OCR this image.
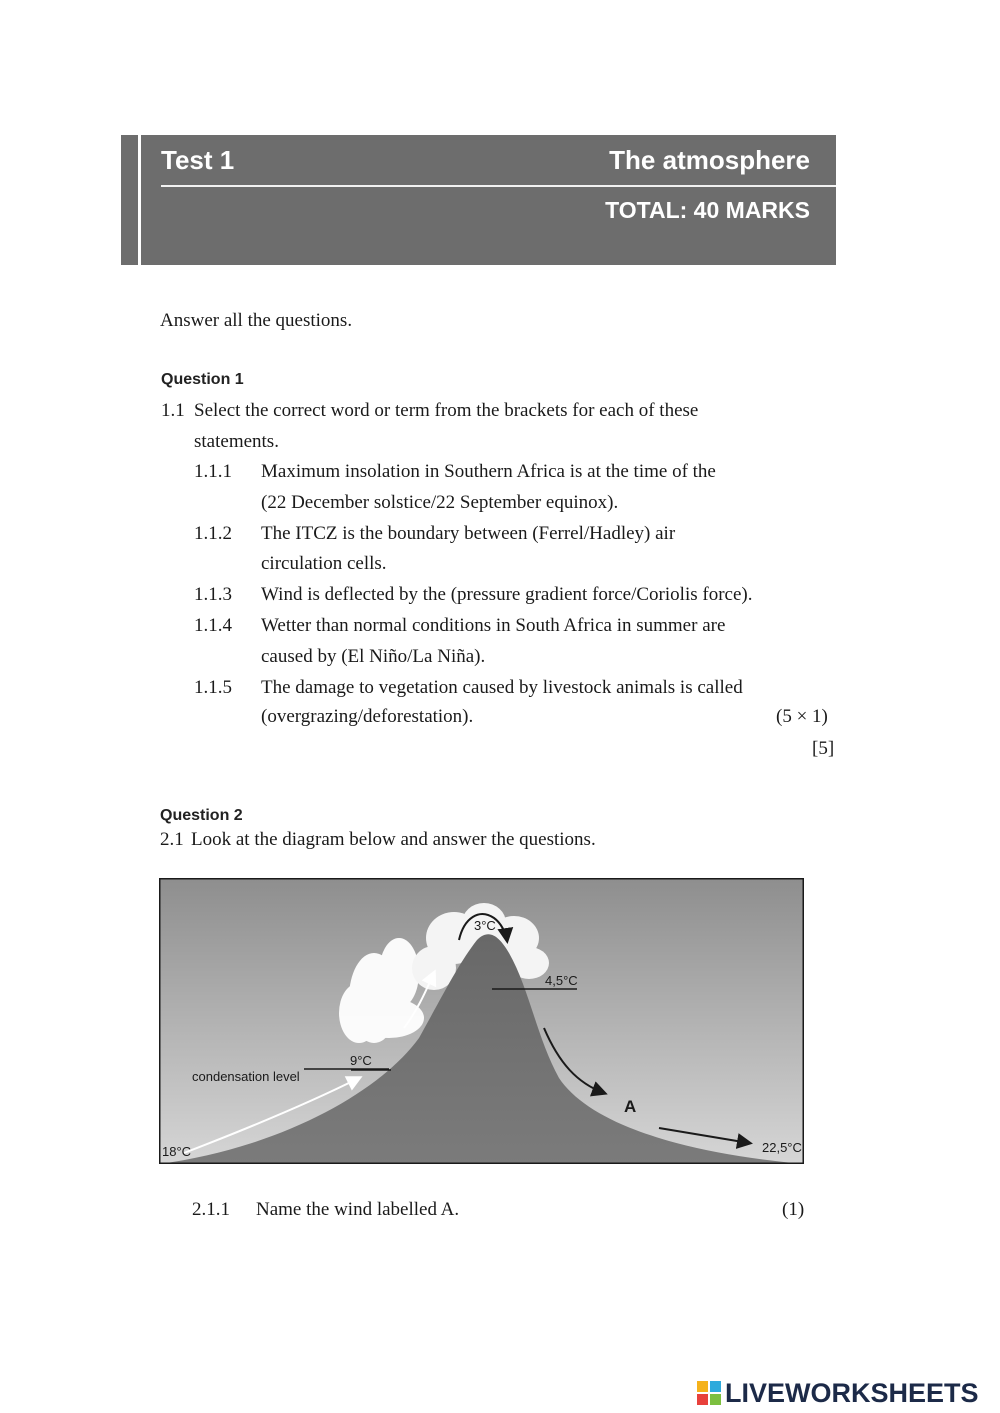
Test 1	The atmosphere
TOTAL: 40 MARKS
Answer all the questions.
Question 1
1.1 Select the correct word or term from the brackets for each of these
statements.
1.1.1 Maximum insolation in Southern Africa is at the time of the
(22 December solstice/22 September equinox).
1.1.2 The ITCZ is the boundary between (Ferrel/Hadley) air
circulation cells.
1.1.3 Wind is deflected by the (pressure gradient force/Coriolis force).
1.1.4 Wetter than normal conditions in South Africa in summer are
caused by (El Niño/La Niña).
1.1.5 The damage to vegetation caused by livestock animals is called
(overgrazing/deforestation).	(5 × 1)
[5]
Question 2
2.1 Look at the diagram below and answer the questions.
condensation level
18°C
9°C
3°C
4,5°C
22,5°C
A
2.1.1 Name the wind labelled A.	(1)
LIVEWORKSHEETS
